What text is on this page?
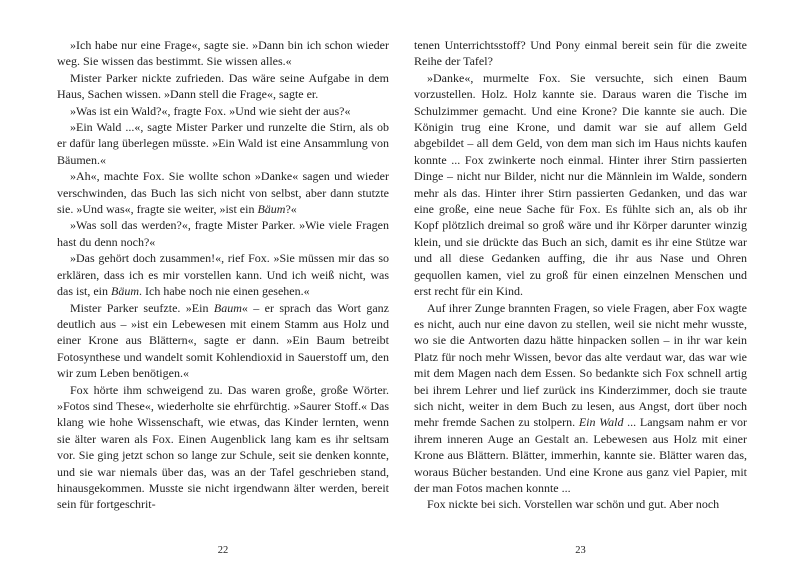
»Ich habe nur eine Frage«, sagte sie. »Dann bin ich schon wieder weg. Sie wissen das bestimmt. Sie wissen alles.«

Mister Parker nickte zufrieden. Das wäre seine Aufgabe in dem Haus, Sachen wissen. »Dann stell die Frage«, sagte er.

»Was ist ein Wald?«, fragte Fox. »Und wie sieht der aus?«

»Ein Wald ...«, sagte Mister Parker und runzelte die Stirn, als ob er dafür lang überlegen müsste. »Ein Wald ist eine Ansammlung von Bäumen.«

»Ah«, machte Fox. Sie wollte schon »Danke« sagen und wieder verschwinden, das Buch las sich nicht von selbst, aber dann stutzte sie. »Und was«, fragte sie weiter, »ist ein Bäum?«

»Was soll das werden?«, fragte Mister Parker. »Wie viele Fragen hast du denn noch?«

»Das gehört doch zusammen!«, rief Fox. »Sie müssen mir das so erklären, dass ich es mir vorstellen kann. Und ich weiß nicht, was das ist, ein Bäum. Ich habe noch nie einen gesehen.«

Mister Parker seufzte. »Ein Baum« – er sprach das Wort ganz deutlich aus – »ist ein Lebewesen mit einem Stamm aus Holz und einer Krone aus Blättern«, sagte er dann. »Ein Baum betreibt Fotosynthese und wandelt somit Kohlendioxid in Sauerstoff um, den wir zum Leben benötigen.«

Fox hörte ihm schweigend zu. Das waren große, große Wörter. »Fotos sind These«, wiederholte sie ehrfürchtig. »Saurer Stoff.« Das klang wie hohe Wissenschaft, wie etwas, das Kinder lernten, wenn sie älter waren als Fox. Einen Augenblick lang kam es ihr seltsam vor. Sie ging jetzt schon so lange zur Schule, seit sie denken konnte, und sie war niemals über das, was an der Tafel geschrieben stand, hinausgekommen. Musste sie nicht irgendwann älter werden, bereit sein für fortgeschrit-

22

tenen Unterrichtsstoff? Und Pony einmal bereit sein für die zweite Reihe der Tafel?

»Danke«, murmelte Fox. Sie versuchte, sich einen Baum vorzustellen. Holz. Holz kannte sie. Daraus waren die Tische im Schulzimmer gemacht. Und eine Krone? Die kannte sie auch. Die Königin trug eine Krone, und damit war sie auf allem Geld abgebildet – all dem Geld, von dem man sich im Haus nichts kaufen konnte ... Fox zwinkerte noch einmal. Hinter ihrer Stirn passierten Dinge – nicht nur Bilder, nicht nur die Männlein im Walde, sondern mehr als das. Hinter ihrer Stirn passierten Gedanken, und das war eine große, eine neue Sache für Fox. Es fühlte sich an, als ob ihr Kopf plötzlich dreimal so groß wäre und ihr Körper darunter winzig klein, und sie drückte das Buch an sich, damit es ihr eine Stütze war und all diese Gedanken auffing, die ihr aus Nase und Ohren gequollen kamen, viel zu groß für einen einzelnen Menschen und erst recht für ein Kind.

Auf ihrer Zunge brannten Fragen, so viele Fragen, aber Fox wagte es nicht, auch nur eine davon zu stellen, weil sie nicht mehr wusste, wo sie die Antworten dazu hätte hinpacken sollen – in ihr war kein Platz für noch mehr Wissen, bevor das alte verdaut war, das war wie mit dem Magen nach dem Essen. So bedankte sich Fox schnell artig bei ihrem Lehrer und lief zurück ins Kinderzimmer, doch sie traute sich nicht, weiter in dem Buch zu lesen, aus Angst, dort über noch mehr fremde Sachen zu stolpern. Ein Wald ... Langsam nahm er vor ihrem inneren Auge an Gestalt an. Lebewesen aus Holz mit einer Krone aus Blättern. Blätter, immerhin, kannte sie. Blätter waren das, woraus Bücher bestanden. Und eine Krone aus ganz viel Papier, mit der man Fotos machen konnte ...

Fox nickte bei sich. Vorstellen war schön und gut. Aber noch

23
